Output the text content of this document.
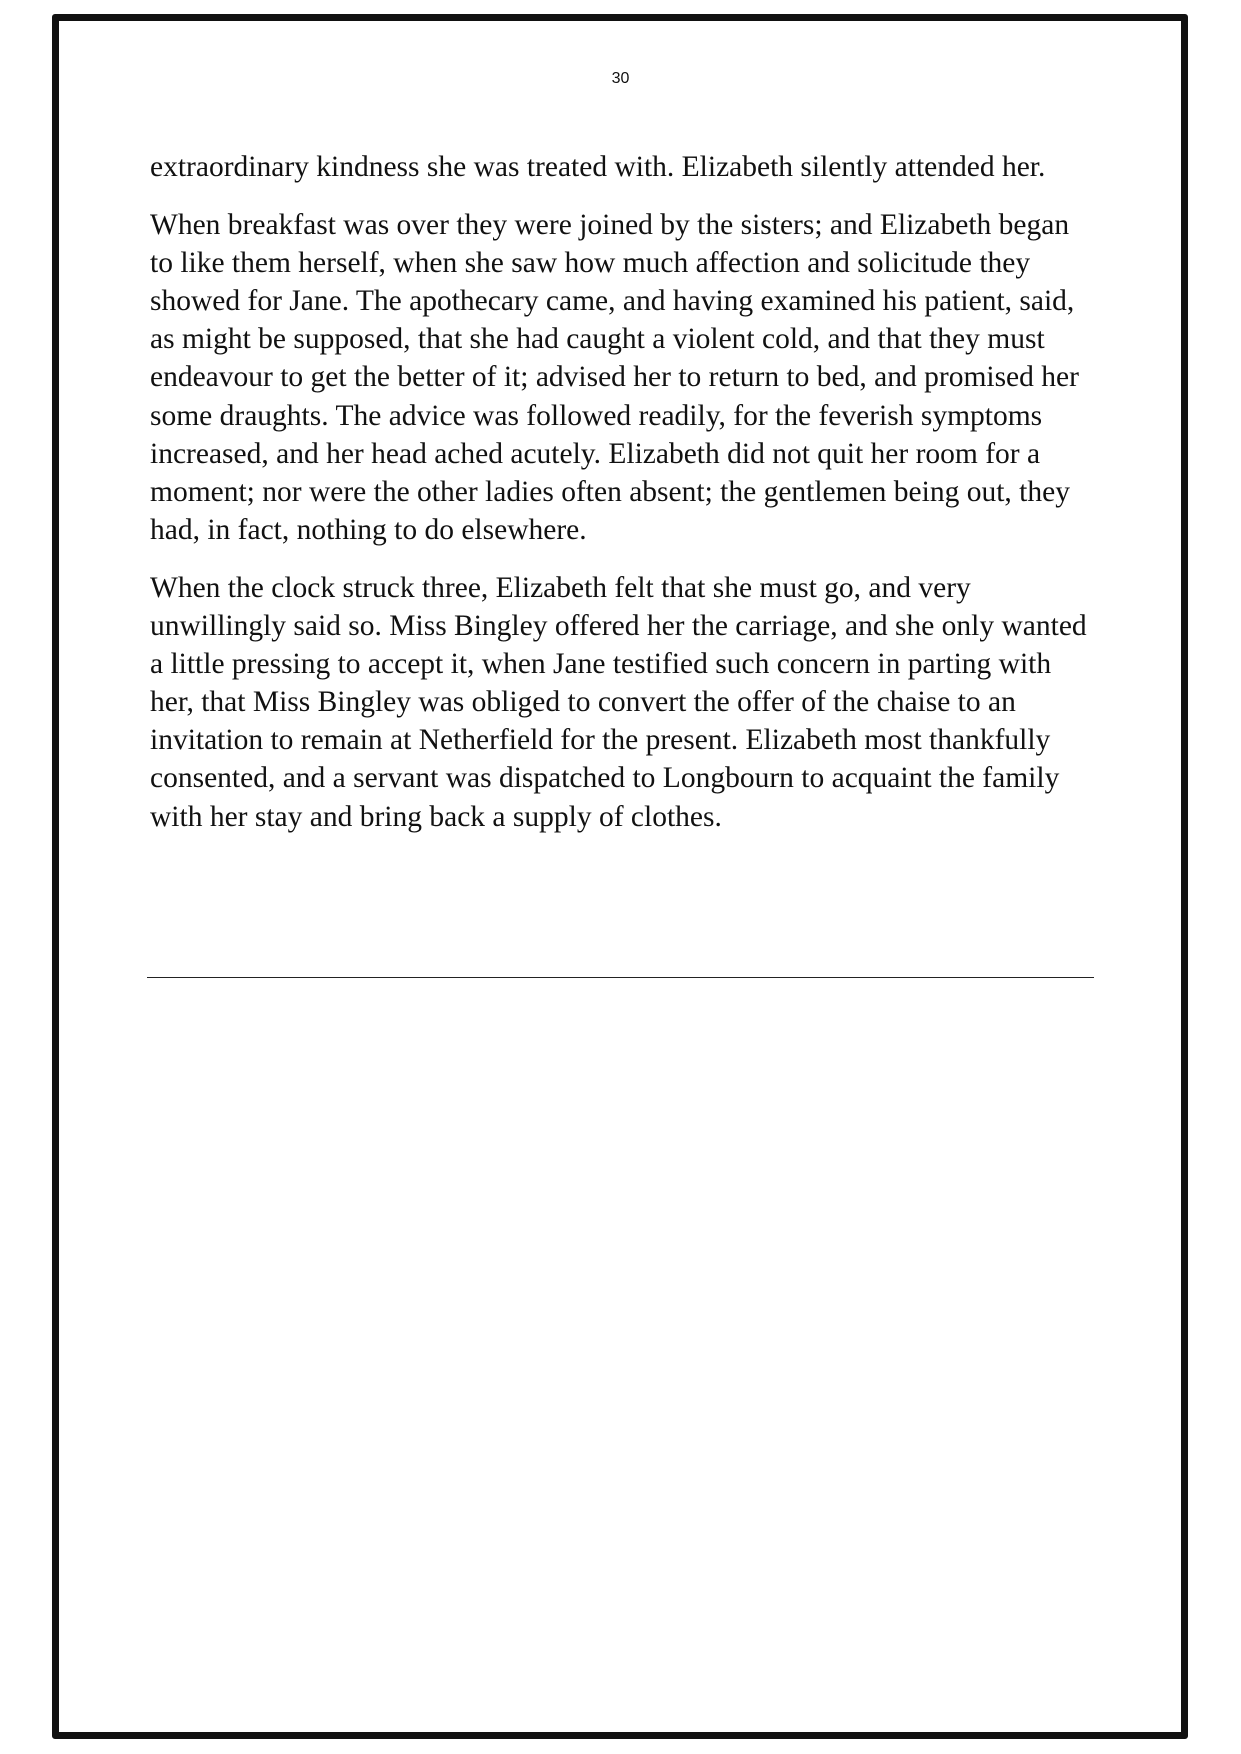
30

extraordinary kindness she was treated with. Elizabeth silently attended her.

When breakfast was over they were joined by the sisters; and Elizabeth began to like them herself, when she saw how much affection and solicitude they showed for Jane. The apothecary came, and having examined his patient, said, as might be supposed, that she had caught a violent cold, and that they must endeavour to get the better of it; advised her to return to bed, and promised her some draughts. The advice was followed readily, for the feverish symptoms increased, and her head ached acutely. Elizabeth did not quit her room for a moment; nor were the other ladies often absent; the gentlemen being out, they had, in fact, nothing to do elsewhere.

When the clock struck three, Elizabeth felt that she must go, and very unwillingly said so. Miss Bingley offered her the carriage, and she only wanted a little pressing to accept it, when Jane testified such concern in parting with her, that Miss Bingley was obliged to convert the offer of the chaise to an invitation to remain at Netherfield for the present. Elizabeth most thankfully consented, and a servant was dispatched to Longbourn to acquaint the family with her stay and bring back a supply of clothes.
